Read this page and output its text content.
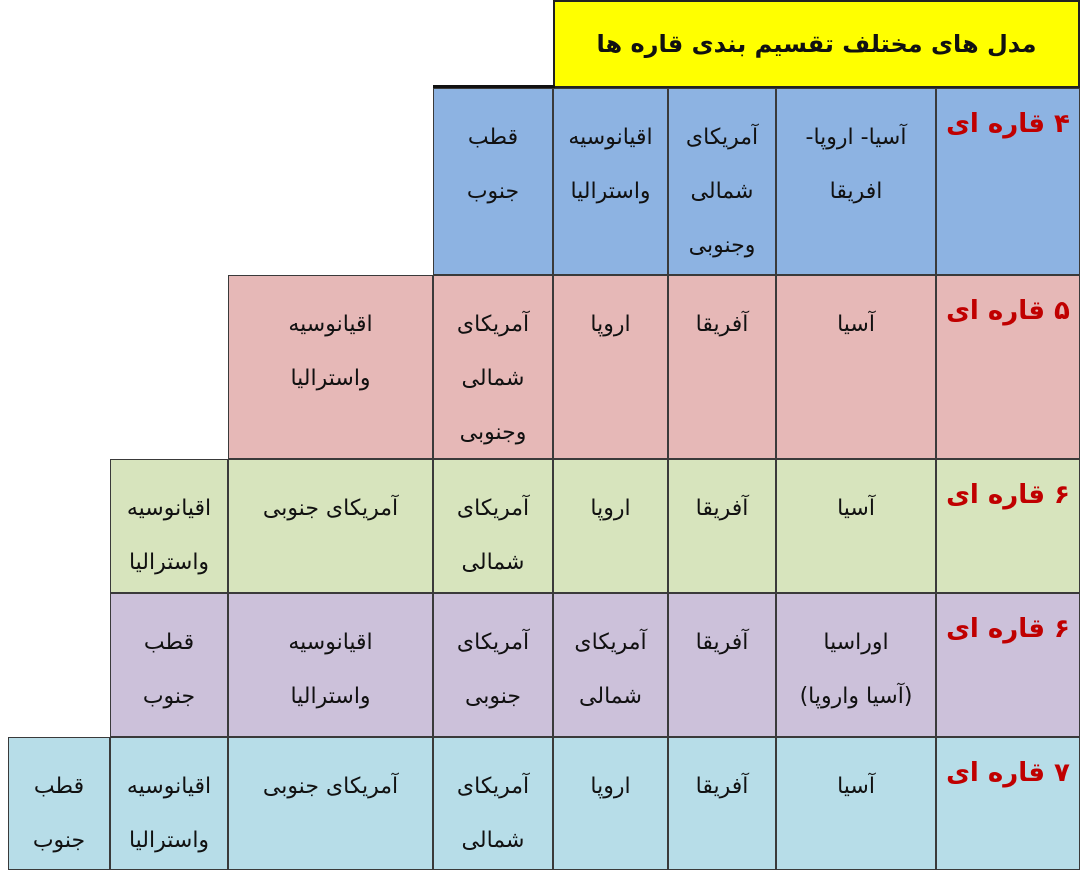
مدل های مختلف تقسیم بندی قاره ها
۴ قاره ای
آسیا- اروپا-
افریقا
آمریکای
شمالی
وجنوبی
اقیانوسیه
واسترالیا
قطب
جنوب
۵ قاره ای
آسیا
آفریقا
اروپا
آمریکای
شمالی
وجنوبی
اقیانوسیه
واسترالیا
۶ قاره ای
آسیا
آفریقا
اروپا
آمریکای
شمالی
آمریکای جنوبی
اقیانوسیه
واسترالیا
۶ قاره ای
اوراسیا
(آسیا واروپا)
آفریقا
آمریکای
شمالی
آمریکای
جنوبی
اقیانوسیه
واسترالیا
قطب
جنوب
۷ قاره ای
آسیا
آفریقا
اروپا
آمریکای
شمالی
آمریکای جنوبی
اقیانوسیه
واسترالیا
قطب
جنوب
